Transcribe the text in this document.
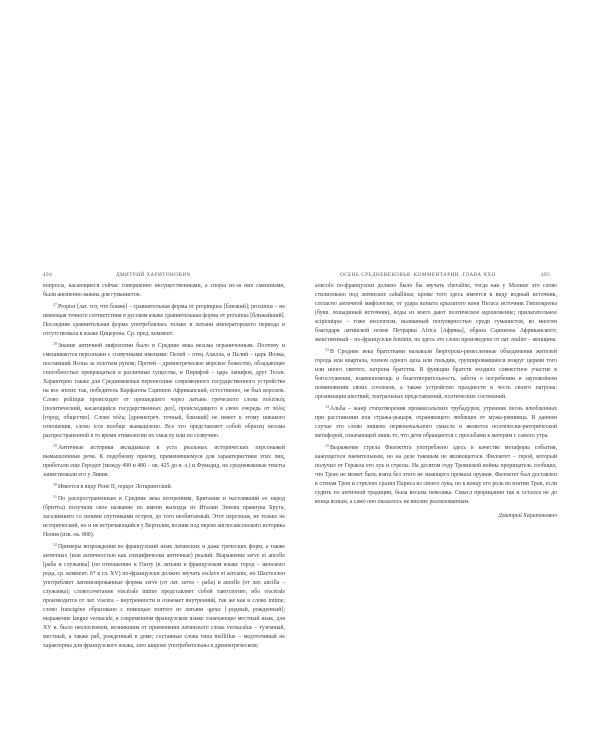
494	ДМИТРИЙ ХАРИТОНОВИЧ	ОСЕНЬ СРЕДНЕВЕКОВЬЯ. КОММЕНТАРИИ. ГЛАВА XXII	495

вопросы, касающиеся сейчас совершенно несущественными, а споры из-за них смешными, были жизненно важны для гуманистов.

$^{27}$Propior [лат. тот, что ближе] – сравнительная форма от propinquus [близкий]; proximus – не имеющая точного соответствия в русском языке сравнительная форма от proximus [ближайший]. Последняя сравнительная форма употреблялась только в латыни императорского периода и отсутствовала в языке Цицерона. Ср. пред. коммент.

$^{28}$Знание античной мифологии было в Средние века весьма ограниченным. Поэтому и смешиваются персонажи с созвучными именами: Пелей – отец Ахилла, и Пелий – царь Иолка, пославший Ясона за золотым руном; Протей – древнегреческое морское божество, обладающее способностью превращаться в различные существа, и Пирифой – царь лапифов, друг Тесея. Характерно также для Средневековья перенесение современного государственного устройства на все эпохи: так, победитель Карфагена Сципион Африканский, естественно, не был королем. Слово politique происходит от прошедшего через латынь греческого слова πολιτικός [политический, касающийся государственных дел], происходящего в свою очередь от πόλις [город, общество]. Слово πόλις [древнегреч. точный, близкий] не имеет к этому никакого отношения, слово icos вообще вымышлено. Все это представляет собой образец весьма распространенной в то время этимологии по смыслу или по созвучию.

$^{29}$Античные историки вкладывали в уста реальных исторических персонажей вымышленные речи. К подобному приему, применявшемуся для характеристики этих лиц, прибегали еще Геродот (между 490 и 480 – ок. 425 до н. э.) и Фукидид, но средневековые тексты заимствовали его у Ливия.

$^{30}$Имеется в виду Рене II, герцог Лотарингский.

$^{31}$По распространенным в Средние века воззрениям, Британия и населявший ее народ (бритты) получили свое название по имени выходца из Италии Энеева правнука Брута, заселившего со своими спутниками остров, до того необитаемый. Этот персонаж, не только не исторический, но и не встречающийся у Вергилия, возник под пером англосаксонского историка Нения (изв. ок. 800).

$^{32}$Примеры возрождения во французский язык латинских и даже греческих форм, а также античных (или античностью как специфически античные) реалий. Выражение serve et ancelle [раба и служанка] (по отношению к Гонту (в латыни и французском языке город – женского рода, ср. коммент. 6* к гл. XV) по-французски должно звучать esclave et servante, но Шастеллен употребляет латинизированные формы serve (от лат. serva – раба) и ancelle (от лат. ancilla – служанка); словосочетание viscérale intime представляет собой тавтологию, ибо viscérale производится от лат. viscera – внутренности и означает внутренний, так же как и слово intime; слово francigène образовано с помощью взятого из латыни -gena: [-родный, рожденный]; выражение langue vernacule, в современном французском языке означающее местный язык, для XV в. было неологизмом, возникшим от применения латинского слова vernaculus – туземный, местный, а также раб, рожденный в доме; составные слова типа mellifluе – медоточивый не характерны для французского языка, зато широко употребительны в древнегреческом;

aonсоlо по-французски должно было бы звучать chevaline, тогда как у Молине это слово стилизовано под латинское caballinus; кроме того здесь имеется в виду водный источник, согласно античной мифологии, от удара копыта крылатого коня Пегаса источник Гиппокрены (букв. лошадиный источник), воды из коего дают поэтическое вдохновение; прилагательное scipionique – тоже неологизм, вызванный популярностью среди гуманистов, во многом благодаря латинской поэме Петрарки Africa [Африка], образа Сципиона Африканского; женственный – по-французски feminin, но здесь это слово произведено от лат. mulier – женщина.

$^{33}$В Средние века братствами называли бюргерско-ремесленные объединения жителей города или квартала, членов одного цеха или гильдии, группировавшиеся вокруг церкви того или иного святого, патрона братства. В функции братств входило совместное участие в богослужении, взаимопомощь и благотворительность, забота о погребении и заупокойном поминовении своих сочленов, а также устройство празднеств в честь своего патрона: организация шествий, театральных представлений, поэтических состязаний.

$^{34}$Альба – жанр стихотворения провансальских трубадуров, утренняя песнь влюбленных при расставании или стража-рыцаря, охраняющего любящих от мужа-ревнивца. В данном случае это слово лишено первоначального смысла и является поэтически-риторической метафорой, означающей лишь то, что дети обращаются с просьбами к матерям с самого утра.

$^{35}$Выражение стрела Филоктета употреблено здесь в качестве метафоры события, кажущегося значительным, но на деле таковым не являющегося. Филоктет – герой, который получил от Геракла его лук и стрелы. На десятом году Троянской войны прорицатель сообщил, что Трою не может быть взята без этого не знающего промаха оружия. Филоктет был доставлен к стенам Трои и стрелою сразил Париса из своего лука, но к концу его роль во взятии Трои, если судить по античной традиции, была весьма невелика. Смысл прорицания так и остался не до конца ясным, а само оно оказалось не вполне реализованным.

Дмитрий Харитонович
